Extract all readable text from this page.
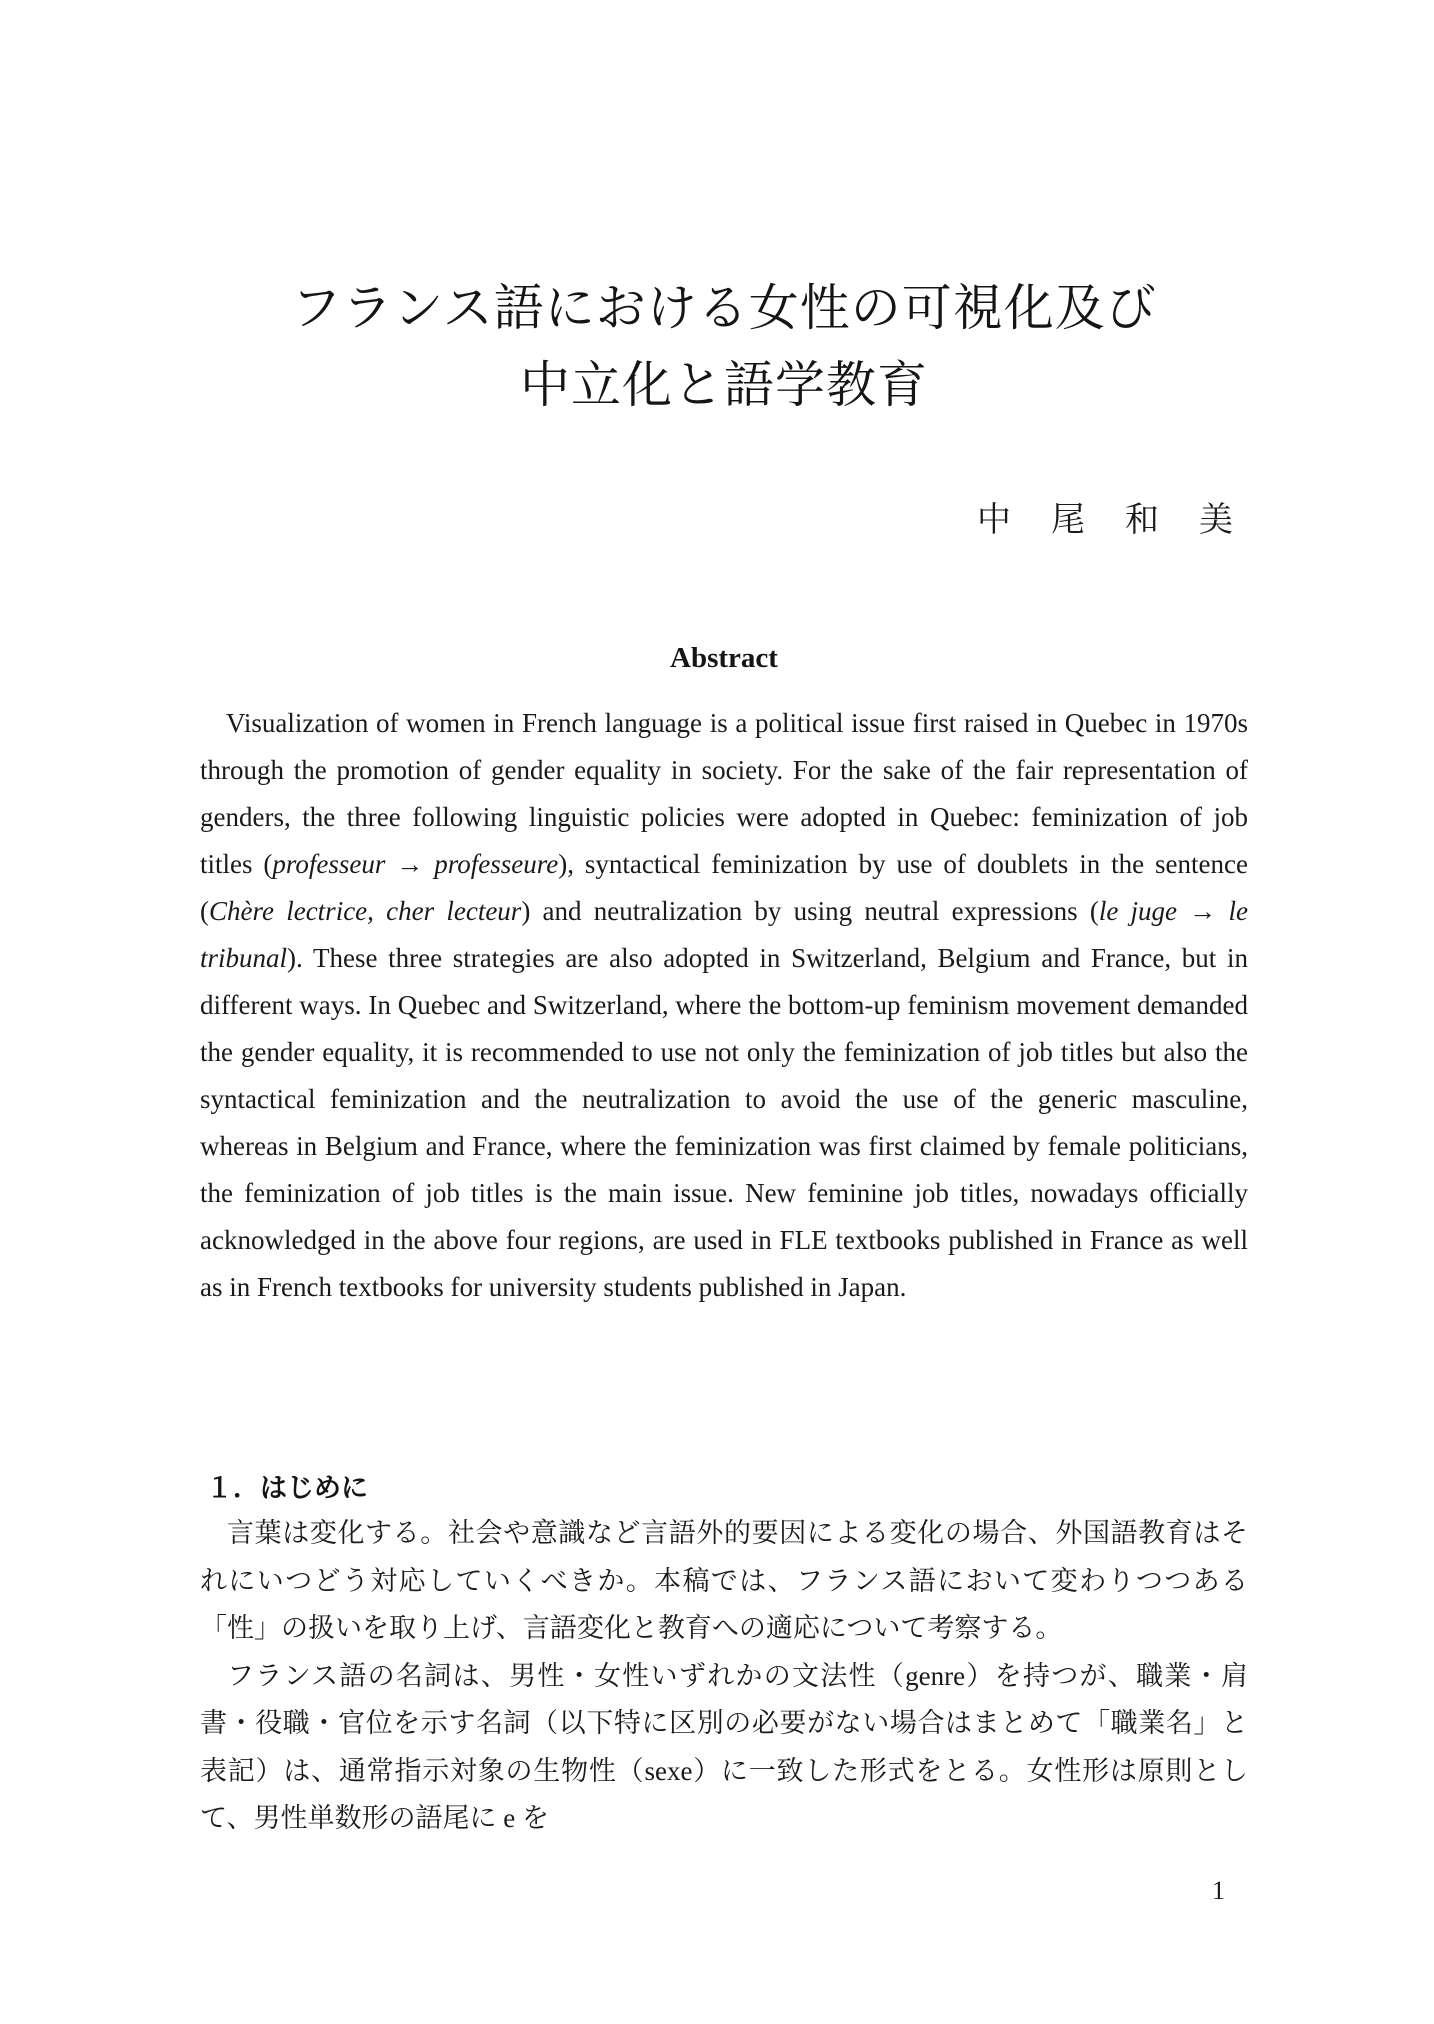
フランス語における女性の可視化及び
中立化と語学教育
中　尾　和　美
Abstract

Visualization of women in French language is a political issue first raised in Quebec in 1970s through the promotion of gender equality in society. For the sake of the fair representation of genders, the three following linguistic policies were adopted in Quebec: feminization of job titles (professeur → professeure), syntactical feminization by use of doublets in the sentence (Chère lectrice, cher lecteur) and neutralization by using neutral expressions (le juge → le tribunal). These three strategies are also adopted in Switzerland, Belgium and France, but in different ways. In Quebec and Switzerland, where the bottom-up feminism movement demanded the gender equality, it is recommended to use not only the feminization of job titles but also the syntactical feminization and the neutralization to avoid the use of the generic masculine, whereas in Belgium and France, where the feminization was first claimed by female politicians, the feminization of job titles is the main issue. New feminine job titles, nowadays officially acknowledged in the above four regions, are used in FLE textbooks published in France as well as in French textbooks for university students published in Japan.

１．はじめに

言葉は変化する。社会や意識など言語外的要因による変化の場合、外国語教育はそれにいつどう対応していくべきか。本稿では、フランス語において変わりつつある「性」の扱いを取り上げ、言語変化と教育への適応について考察する。

フランス語の名詞は、男性・女性いずれかの文法性（genre）を持つが、職業・肩書・役職・官位を示す名詞（以下特に区別の必要がない場合はまとめて「職業名」と表記）は、通常指示対象の生物性（sexe）に一致した形式をとる。女性形は原則として、男性単数形の語尾に e を

1
